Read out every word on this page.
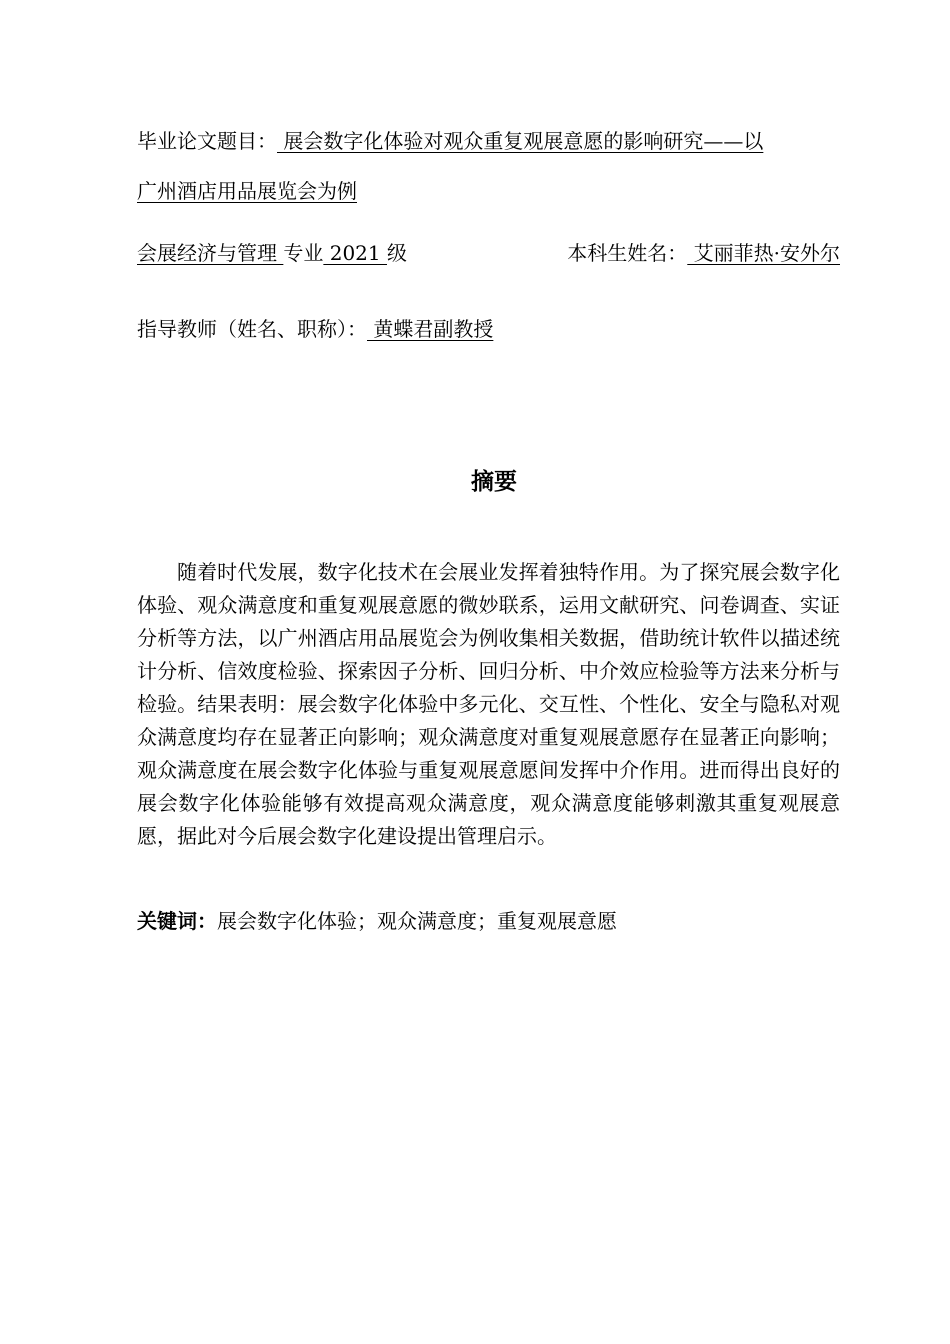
毕业论文题目： 展会数字化体验对观众重复观展意愿的影响研究——以
广州酒店用品展览会为例
会展经济与管理 专业 2021 级	本科生姓名： 艾丽菲热·安外尔
指导教师（姓名、职称）： 黄蝶君副教授
摘要

随着时代发展，数字化技术在会展业发挥着独特作用。为了探究展会数字化体验、观众满意度和重复观展意愿的微妙联系，运用文献研究、问卷调查、实证分析等方法，以广州酒店用品展览会为例收集相关数据，借助统计软件以描述统计分析、信效度检验、探索因子分析、回归分析、中介效应检验等方法来分析与检验。结果表明：展会数字化体验中多元化、交互性、个性化、安全与隐私对观众满意度均存在显著正向影响；观众满意度对重复观展意愿存在显著正向影响；观众满意度在展会数字化体验与重复观展意愿间发挥中介作用。进而得出良好的展会数字化体验能够有效提高观众满意度，观众满意度能够刺激其重复观展意愿，据此对今后展会数字化建设提出管理启示。

关键词：展会数字化体验；观众满意度；重复观展意愿
